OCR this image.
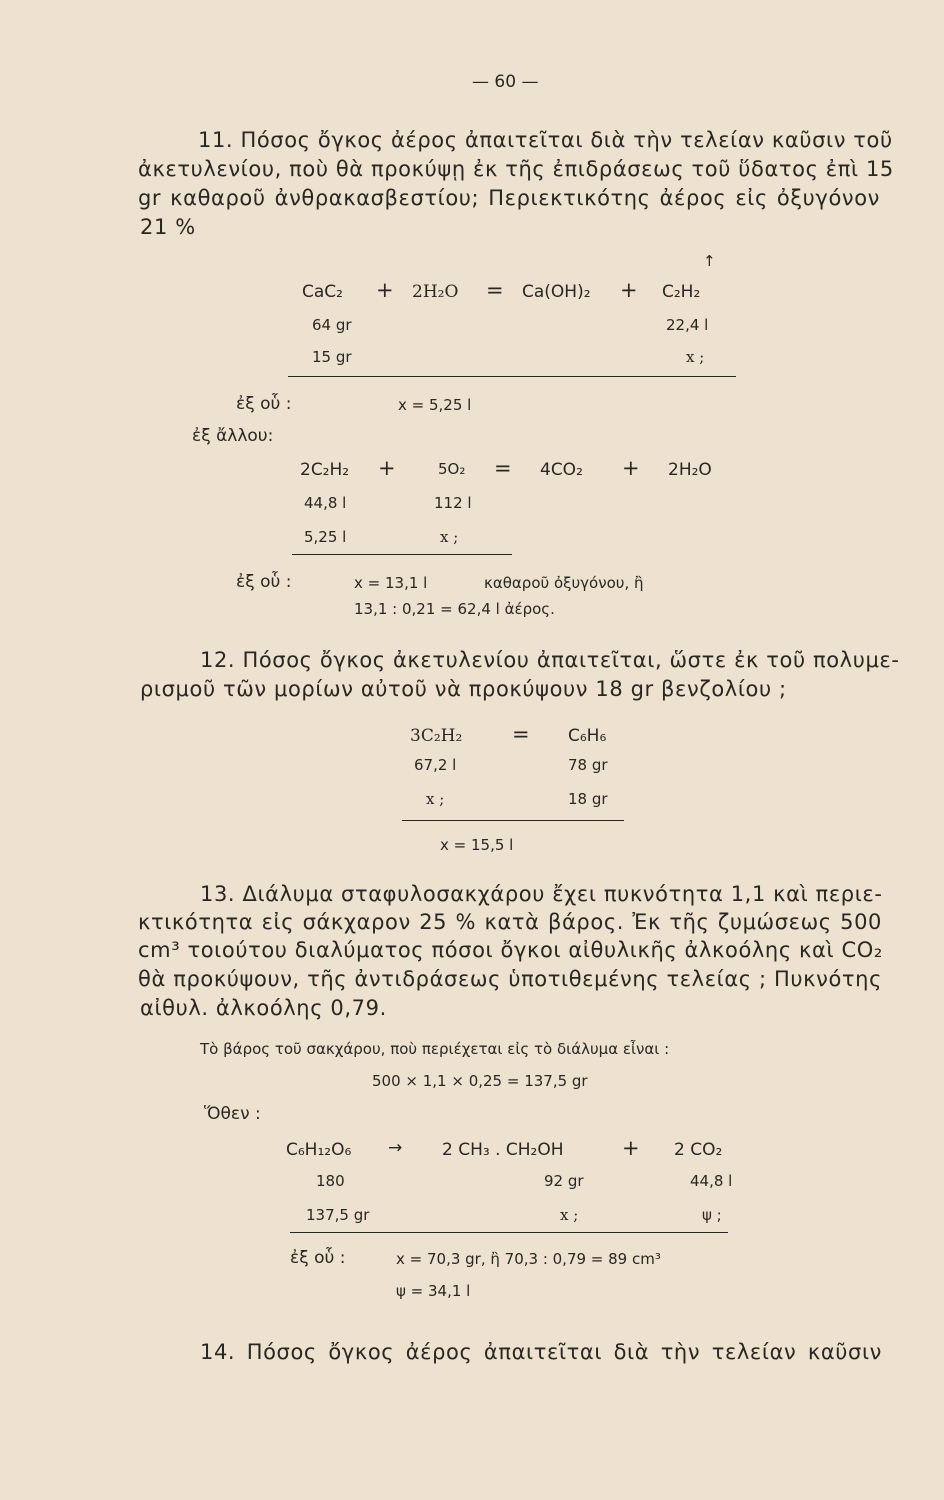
— 60 —
11. Πόσος ὄγκος ἀέρος ἀπαιτεῖται διὰ τὴν τελείαν καῦσιν τοῦ
ἀκετυλενίου, ποὺ θὰ προκύψῃ ἐκ τῆς ἐπιδράσεως τοῦ ὕδατος ἐπὶ 15
gr καθαροῦ ἀνθρακασβεστίου; Περιεκτικότης ἀέρος εἰς ὀξυγόνον
21 %
CaC₂ + 2H₂O = Ca(OH)₂ + C₂H₂
↑
64 gr	22,4 l
15 gr	x ;
ἐξ οὗ :	x = 5,25 l
ἐξ ἄλλου:
2C₂H₂ +	5O₂ = 4CO₂ + 2H₂O
44,8 l	112 l
5,25 l	x ;
ἐξ οὗ :	x = 13,1 l	καθαροῦ ὀξυγόνου, ἢ
13,1 : 0,21 = 62,4 l ἀέρος.
12. Πόσος ὄγκος ἀκετυλενίου ἀπαιτεῖται, ὥστε ἐκ τοῦ πολυμε-
ρισμοῦ τῶν μορίων αὐτοῦ νὰ προκύψουν 18 gr βενζολίου ;
3C₂H₂ = C₆H₆
67,2 l	78 gr
x ;	18 gr
x = 15,5 l
13. Διάλυμα σταφυλοσακχάρου ἔχει πυκνότητα 1,1 καὶ περιε-
κτικότητα εἰς σάκχαρον 25 % κατὰ βάρος. Ἐκ τῆς ζυμώσεως 500
cm³ τοιούτου διαλύματος πόσοι ὄγκοι αἰθυλικῆς ἀλκοόλης καὶ CO₂
θὰ προκύψουν, τῆς ἀντιδράσεως ὑποτιθεμένης τελείας ; Πυκνότης
αἰθυλ. ἀλκοόλης 0,79.
Τὸ βάρος τοῦ σακχάρου, ποὺ περιέχεται εἰς τὸ διάλυμα εἶναι :
500 × 1,1 × 0,25 = 137,5 gr
Ὅθεν :
C₆H₁₂O₆ → 2 CH₃ . CH₂OH	+ 2 CO₂
180	92 gr	44,8 l
137,5 gr	x ;	ψ ;
ἐξ οὗ :	x = 70,3 gr, ἢ 70,3 : 0,79 = 89 cm³
ψ = 34,1 l
14. Πόσος ὄγκος ἀέρος ἀπαιτεῖται διὰ τὴν τελείαν καῦσιν
